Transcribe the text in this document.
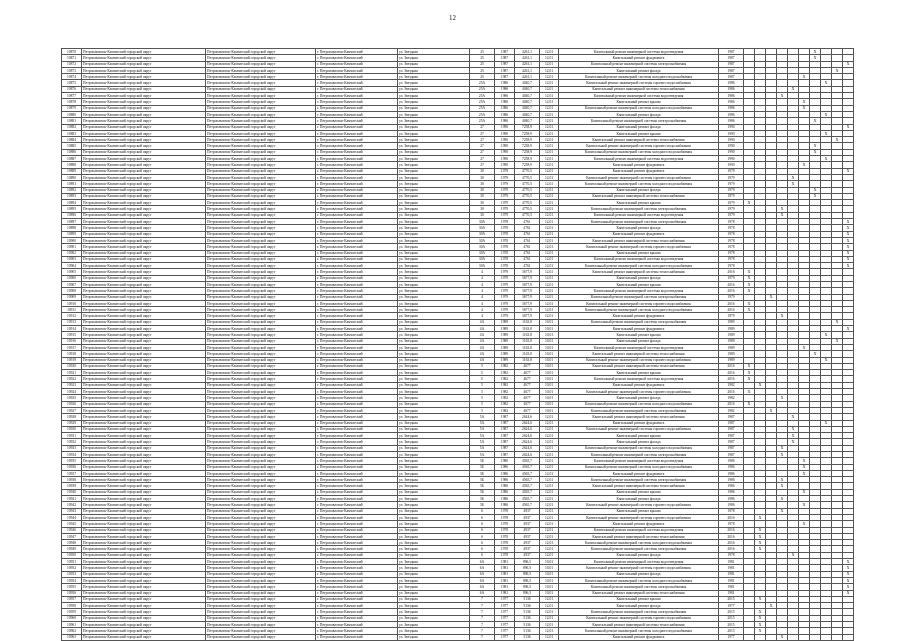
12
10870	Петропавловск-Камчатский городской округ	Петропавловск-Камчатский городской округ	г. Петропавловск-Камчатский	ул. Звездная	25	1987	4261,1	12,01	Капитальный ремонт инженерной системы водоотведения	1987							X			
10871	Петропавловск-Камчатский городской округ	Петропавловск-Камчатский городской округ	г. Петропавловск-Камчатский	ул. Звездная	25	1987	4261,1	12,01	Капитальный ремонт фундамента	1987							X			
10872	Петропавловск-Камчатский городской округ	Петропавловск-Камчатский городской округ	г. Петропавловск-Камчатский	ул. Звездная	25	1987	4261,1	12,01	Капитальный ремонт инженерной системы электроснабжения	1987										X
10873	Петропавловск-Камчатский городской округ	Петропавловск-Камчатский городской округ	г. Петропавловск-Камчатский	ул. Звездная	25	1987	4261,1	12,01	Капитальный ремонт фасада	1987									X	
10874	Петропавловск-Камчатский городской округ	Петропавловск-Камчатский городской округ	г. Петропавловск-Камчатский	ул. Звездная	25	1987	4261,1	12,01	Капитальный ремонт инженерной системы холодного водоснабжения	1987						X				
10875	Петропавловск-Камчатский городской округ	Петропавловск-Камчатский городской округ	г. Петропавловск-Камчатский	ул. Звездная	25А	1986	4040,7	12,01	Капитальный ремонт инженерной системы горячего водоснабжения	1986								X		
10876	Петропавловск-Камчатский городской округ	Петропавловск-Камчатский городской округ	г. Петропавловск-Камчатский	ул. Звездная	25А	1986	4040,7	12,01	Капитальный ремонт инженерной системы теплоснабжения	1986					X					
10877	Петропавловск-Камчатский городской округ	Петропавловск-Камчатский городской округ	г. Петропавловск-Камчатский	ул. Звездная	25А	1986	4040,7	12,01	Капитальный ремонт инженерной системы водоотведения	1986				X						
10878	Петропавловск-Камчатский городской округ	Петропавловск-Камчатский городской округ	г. Петропавловск-Камчатский	ул. Звездная	25А	1986	4040,7	12,01	Капитальный ремонт крыши	1986						X				
10879	Петропавловск-Камчатский городской округ	Петропавловск-Камчатский городской округ	г. Петропавловск-Камчатский	ул. Звездная	25А	1986	4040,7	12,01	Капитальный ремонт инженерной системы холодного водоснабжения	1986						X				
10880	Петропавловск-Камчатский городской округ	Петропавловск-Камчатский городской округ	г. Петропавловск-Камчатский	ул. Звездная	25А	1986	4040,7	12,01	Капитальный ремонт фасада	1986								X		
10881	Петропавловск-Камчатский городской округ	Петропавловск-Камчатский городской округ	г. Петропавловск-Камчатский	ул. Звездная	25А	1986	4040,7	12,01	Капитальный ремонт инженерной системы электроснабжения	1986							X			
10882	Петропавловск-Камчатский городской округ	Петропавловск-Камчатский городской округ	г. Петропавловск-Камчатский	ул. Звездная	27	1990	7258,9	12,01	Капитальный ремонт фасада	1990										X
10883	Петропавловск-Камчатский городской округ	Петропавловск-Камчатский городской округ	г. Петропавловск-Камчатский	ул. Звездная	27	1990	7258,9	12,01	Капитальный ремонт крыши	1990								X		
10884	Петропавловск-Камчатский городской округ	Петропавловск-Камчатский городской округ	г. Петропавловск-Камчатский	ул. Звездная	27	1990	7258,9	12,01	Капитальный ремонт инженерной системы теплоснабжения	1990									X	
10885	Петропавловск-Камчатский городской округ	Петропавловск-Камчатский городской округ	г. Петропавловск-Камчатский	ул. Звездная	27	1990	7258,9	12,01	Капитальный ремонт инженерной системы горячего водоснабжения	1990							X			
10886	Петропавловск-Камчатский городской округ	Петропавловск-Камчатский городской округ	г. Петропавловск-Камчатский	ул. Звездная	27	1990	7258,9	12,01	Капитальный ремонт инженерной системы холодного водоснабжения	1990							X			
10887	Петропавловск-Камчатский городской округ	Петропавловск-Камчатский городской округ	г. Петропавловск-Камчатский	ул. Звездная	27	1990	7258,9	12,01	Капитальный ремонт инженерной системы водоотведения	1990								X		
10888	Петропавловск-Камчатский городской округ	Петропавловск-Камчатский городской округ	г. Петропавловск-Камчатский	ул. Звездная	27	1990	7258,9	12,01	Капитальный ремонт фундамента	1990						X				
10889	Петропавловск-Камчатский городской округ	Петропавловск-Камчатский городской округ	г. Петропавловск-Камчатский	ул. Звездная	30	1979	4770,5	12,01	Капитальный ремонт фундамента	1979										X
10890	Петропавловск-Камчатский городской округ	Петропавловск-Камчатский городской округ	г. Петропавловск-Камчатский	ул. Звездная	30	1979	4770,5	12,01	Капитальный ремонт инженерной системы горячего водоснабжения	1979					X					
10891	Петропавловск-Камчатский городской округ	Петропавловск-Камчатский городской округ	г. Петропавловск-Камчатский	ул. Звездная	30	1979	4770,5	12,01	Капитальный ремонт инженерной системы холодного водоснабжения	1979					X					
10892	Петропавловск-Камчатский городской округ	Петропавловск-Камчатский городской округ	г. Петропавловск-Камчатский	ул. Звездная	30	1979	4770,5	12,01	Капитальный ремонт фасада	1979							X			
10893	Петропавловск-Камчатский городской округ	Петропавловск-Камчатский городской округ	г. Петропавловск-Камчатский	ул. Звездная	30	1979	4770,5	12,01	Капитальный ремонт инженерной системы теплоснабжения	1979							X			
10894	Петропавловск-Камчатский городской округ	Петропавловск-Камчатский городской округ	г. Петропавловск-Камчатский	ул. Звездная	30	1979	4770,5	12,01	Капитальный ремонт крыши	1979	X									
10895	Петропавловск-Камчатский городской округ	Петропавловск-Камчатский городской округ	г. Петропавловск-Камчатский	ул. Звездная	30	1979	4770,5	12,01	Капитальный ремонт инженерной системы электроснабжения	1979				X						
10896	Петропавловск-Камчатский городской округ	Петропавловск-Камчатский городской округ	г. Петропавловск-Камчатский	ул. Звездная	30	1979	4770,5	12,01	Капитальный ремонт инженерной системы водоотведения	1979				X						
10897	Петропавловск-Камчатский городской округ	Петропавловск-Камчатский городской округ	г. Петропавловск-Камчатский	ул. Звездная	30А	1978	4761	12,01	Капитальный ремонт инженерной системы электроснабжения	1978										X
10898	Петропавловск-Камчатский городской округ	Петропавловск-Камчатский городской округ	г. Петропавловск-Камчатский	ул. Звездная	30А	1978	4761	12,01	Капитальный ремонт фасада	1978										X
10899	Петропавловск-Камчатский городской округ	Петропавловск-Камчатский городской округ	г. Петропавловск-Камчатский	ул. Звездная	30А	1978	4761	12,01	Капитальный ремонт фундамента	1978										X
10900	Петропавловск-Камчатский городской округ	Петропавловск-Камчатский городской округ	г. Петропавловск-Камчатский	ул. Звездная	30А	1978	4761	12,01	Капитальный ремонт инженерной системы теплоснабжения	1978										X
10901	Петропавловск-Камчатский городской округ	Петропавловск-Камчатский городской округ	г. Петропавловск-Камчатский	ул. Звездная	30А	1978	4761	12,01	Капитальный ремонт инженерной системы горячего водоснабжения	1978										X
10902	Петропавловск-Камчатский городской округ	Петропавловск-Камчатский городской округ	г. Петропавловск-Камчатский	ул. Звездная	30А	1978	4761	12,01	Капитальный ремонт крыши	1978										X
10903	Петропавловск-Камчатский городской округ	Петропавловск-Камчатский городской округ	г. Петропавловск-Камчатский	ул. Звездная	30А	1978	4761	12,01	Капитальный ремонт инженерной системы водоотведения	1978										X
10904	Петропавловск-Камчатский городской округ	Петропавловск-Камчатский городской округ	г. Петропавловск-Камчатский	ул. Звездная	30А	1978	4761	12,01	Капитальный ремонт инженерной системы холодного водоснабжения	1978										X
10905	Петропавловск-Камчатский городской округ	Петропавловск-Камчатский городской округ	г. Петропавловск-Камчатский	ул. Звездная	4	1979	3677,9	12,01	Капитальный ремонт инженерной системы теплоснабжения	2016	X									
10906	Петропавловск-Камчатский городской округ	Петропавловск-Камчатский городской округ	г. Петропавловск-Камчатский	ул. Звездная	4	1979	3677,9	12,01	Капитальный ремонт фасада	1979	X									
10907	Петропавловск-Камчатский городской округ	Петропавловск-Камчатский городской округ	г. Петропавловск-Камчатский	ул. Звездная	4	1979	3677,9	12,01	Капитальный ремонт крыши	2016	X									
10908	Петропавловск-Камчатский городской округ	Петропавловск-Камчатский городской округ	г. Петропавловск-Камчатский	ул. Звездная	4	1979	3677,9	12,01	Капитальный ремонт инженерной системы водоотведения	2016	X									
10909	Петропавловск-Камчатский городской округ	Петропавловск-Камчатский городской округ	г. Петропавловск-Камчатский	ул. Звездная	4	1979	3677,9	12,01	Капитальный ремонт инженерной системы электроснабжения	1979			X							
10910	Петропавловск-Камчатский городской округ	Петропавловск-Камчатский городской округ	г. Петропавловск-Камчатский	ул. Звездная	4	1979	3677,9	12,01	Капитальный ремонт инженерной системы горячего водоснабжения	2016	X									
10911	Петропавловск-Камчатский городской округ	Петропавловск-Камчатский городской округ	г. Петропавловск-Камчатский	ул. Звездная	4	1979	3677,9	12,01	Капитальный ремонт инженерной системы холодного водоснабжения	2016	X									
10912	Петропавловск-Камчатский городской округ	Петропавловск-Камчатский городской округ	г. Петропавловск-Камчатский	ул. Звездная	4	1979	3677,9	12,01	Капитальный ремонт фундамента	1979				X						
10913	Петропавловск-Камчатский городской округ	Петропавловск-Камчатский городской округ	г. Петропавловск-Камчатский	ул. Звездная	4А	1989	1163,8	10,01	Капитальный ремонт инженерной системы электроснабжения	1989									X	
10914	Петропавловск-Камчатский городской округ	Петропавловск-Камчатский городской округ	г. Петропавловск-Камчатский	ул. Звездная	4А	1989	1163,8	10,01	Капитальный ремонт фундамента	1989										X
10915	Петропавловск-Камчатский городской округ	Петропавловск-Камчатский городской округ	г. Петропавловск-Камчатский	ул. Звездная	4А	1989	1163,8	10,01	Капитальный ремонт крыши	1989								X		
10916	Петропавловск-Камчатский городской округ	Петропавловск-Камчатский городской округ	г. Петропавловск-Камчатский	ул. Звездная	4А	1989	1163,8	10,01	Капитальный ремонт фасада	1989									X	
10917	Петропавловск-Камчатский городской округ	Петропавловск-Камчатский городской округ	г. Петропавловск-Камчатский	ул. Звездная	4А	1989	1163,8	10,01	Капитальный ремонт инженерной системы водоотведения	1989						X				
10918	Петропавловск-Камчатский городской округ	Петропавловск-Камчатский городской округ	г. Петропавловск-Камчатский	ул. Звездная	4А	1989	1163,8	10,01	Капитальный ремонт инженерной системы теплоснабжения	1989							X			
10919	Петропавловск-Камчатский городской округ	Петропавловск-Камчатский городской округ	г. Петропавловск-Камчатский	ул. Звездная	4А	1989	1163,8	10,01	Капитальный ремонт инженерной системы горячего водоснабжения	1989								X		
10920	Петропавловск-Камчатский городской округ	Петропавловск-Камчатский городской округ	г. Петропавловск-Камчатский	ул. Звездная	5	1982	4677	10,01	Капитальный ремонт инженерной системы теплоснабжения	2016	X									
10921	Петропавловск-Камчатский городской округ	Петропавловск-Камчатский городской округ	г. Петропавловск-Камчатский	ул. Звездная	5	1982	4677	10,01	Капитальный ремонт крыши	2016	X									
10922	Петропавловск-Камчатский городской округ	Петропавловск-Камчатский городской округ	г. Петропавловск-Камчатский	ул. Звездная	5	1982	4677	10,01	Капитальный ремонт инженерной системы водоотведения	2016	X									
10923	Петропавловск-Камчатский городской округ	Петропавловск-Камчатский городской округ	г. Петропавловск-Камчатский	ул. Звездная	5	1982	4677	10,01	Капитальный ремонт фундамента	1982		X								
10924	Петропавловск-Камчатский городской округ	Петропавловск-Камчатский городской округ	г. Петропавловск-Камчатский	ул. Звездная	5	1982	4677	10,01	Капитальный ремонт инженерной системы горячего водоснабжения	2016	X									
10925	Петропавловск-Камчатский городской округ	Петропавловск-Камчатский городской округ	г. Петропавловск-Камчатский	ул. Звездная	5	1982	4677	10,01	Капитальный ремонт фасада	1982				X						
10926	Петропавловск-Камчатский городской округ	Петропавловск-Камчатский городской округ	г. Петропавловск-Камчатский	ул. Звездная	5	1982	4677	10,01	Капитальный ремонт инженерной системы холодного водоснабжения	2016	X									
10927	Петропавловск-Камчатский городской округ	Петропавловск-Камчатский городской округ	г. Петропавловск-Камчатский	ул. Звездная	5	1982	4677	10,01	Капитальный ремонт инженерной системы электроснабжения	1982			X							
10928	Петропавловск-Камчатский городской округ	Петропавловск-Камчатский городской округ	г. Петропавловск-Камчатский	ул. Звездная	5А	1987	2624,6	12,01	Капитальный ремонт инженерной системы теплоснабжения	1987					X					
10929	Петропавловск-Камчатский городской округ	Петропавловск-Камчатский городской округ	г. Петропавловск-Камчатский	ул. Звездная	5А	1987	2624,6	12,01	Капитальный ремонт фундамента	1987								X		
10930	Петропавловск-Камчатский городской округ	Петропавловск-Камчатский городской округ	г. Петропавловск-Камчатский	ул. Звездная	5А	1987	2624,6	12,01	Капитальный ремонт инженерной системы горячего водоснабжения	1987					X					
10931	Петропавловск-Камчатский городской округ	Петропавловск-Камчатский городской округ	г. Петропавловск-Камчатский	ул. Звездная	5А	1987	2624,6	12,01	Капитальный ремонт крыши	1987					X					
10932	Петропавловск-Камчатский городской округ	Петропавловск-Камчатский городской округ	г. Петропавловск-Камчатский	ул. Звездная	5А	1987	2624,6	12,01	Капитальный ремонт фасада	1987					X					
10933	Петропавловск-Камчатский городской округ	Петропавловск-Камчатский городской округ	г. Петропавловск-Камчатский	ул. Звездная	5А	1987	2624,6	12,01	Капитальный ремонт инженерной системы холодного водоснабжения	1987				X						
10934	Петропавловск-Камчатский городской округ	Петропавловск-Камчатский городской округ	г. Петропавловск-Камчатский	ул. Звездная	5А	1987	2624,6	12,01	Капитальный ремонт инженерной системы электроснабжения	1987				X						
10935	Петропавловск-Камчатский городской округ	Петропавловск-Камчатский городской округ	г. Петропавловск-Камчатский	ул. Звездная	5Б	1986	4565,7	12,01	Капитальный ремонт инженерной системы водоотведения	1986						X				
10936	Петропавловск-Камчатский городской округ	Петропавловск-Камчатский городской округ	г. Петропавловск-Камчатский	ул. Звездная	5Б	1986	4565,7	12,01	Капитальный ремонт инженерной системы холодного водоснабжения	1986						X				
10937	Петропавловск-Камчатский городской округ	Петропавловск-Камчатский городской округ	г. Петропавловск-Камчатский	ул. Звездная	5Б	1986	4565,7	12,01	Капитальный ремонт фундамента	1986						X				
10938	Петропавловск-Камчатский городской округ	Петропавловск-Камчатский городской округ	г. Петропавловск-Камчатский	ул. Звездная	5Б	1986	4565,7	12,01	Капитальный ремонт инженерной системы электроснабжения	1986				X						
10939	Петропавловск-Камчатский городской округ	Петропавловск-Камчатский городской округ	г. Петропавловск-Камчатский	ул. Звездная	5Б	1986	4565,7	12,01	Капитальный ремонт инженерной системы теплоснабжения	1986				X						
10940	Петропавловск-Камчатский городской округ	Петропавловск-Камчатский городской округ	г. Петропавловск-Камчатский	ул. Звездная	5Б	1986	4565,7	12,01	Капитальный ремонт крыши	1986						X				
10941	Петропавловск-Камчатский городской округ	Петропавловск-Камчатский городской округ	г. Петропавловск-Камчатский	ул. Звездная	5Б	1986	4565,7	12,01	Капитальный ремонт фасада	1986				X						
10942	Петропавловск-Камчатский городской округ	Петропавловск-Камчатский городской округ	г. Петропавловск-Камчатский	ул. Звездная	5Б	1986	4565,7	12,01	Капитальный ремонт инженерной системы горячего водоснабжения	1986						X				
10943	Петропавловск-Камчатский городской округ	Петропавловск-Камчатский городской округ	г. Петропавловск-Камчатский	ул. Звездная	6	1978	4937	12,01	Капитальный ремонт крыши	1978				X						
10944	Петропавловск-Камчатский городской округ	Петропавловск-Камчатский городской округ	г. Петропавловск-Камчатский	ул. Звездная	6	1978	4937	12,01	Капитальный ремонт инженерной системы горячего водоснабжения	2016		X								
10945	Петропавловск-Камчатский городской округ	Петропавловск-Камчатский городской округ	г. Петропавловск-Камчатский	ул. Звездная	6	1978	4937	12,01	Капитальный ремонт фундамента	1978						X				
10946	Петропавловск-Камчатский городской округ	Петропавловск-Камчатский городской округ	г. Петропавловск-Камчатский	ул. Звездная	6	1978	4937	12,01	Капитальный ремонт инженерной системы водоотведения	2016		X								
10947	Петропавловск-Камчатский городской округ	Петропавловск-Камчатский городской округ	г. Петропавловск-Камчатский	ул. Звездная	6	1978	4937	12,01	Капитальный ремонт инженерной системы теплоснабжения	2016		X								
10948	Петропавловск-Камчатский городской округ	Петропавловск-Камчатский городской округ	г. Петропавловск-Камчатский	ул. Звездная	6	1978	4937	12,01	Капитальный ремонт инженерной системы холодного водоснабжения	2016		X								
10949	Петропавловск-Камчатский городской округ	Петропавловск-Камчатский городской округ	г. Петропавловск-Камчатский	ул. Звездная	6	1978	4937	12,01	Капитальный ремонт инженерной системы электроснабжения	2016		X								
10950	Петропавловск-Камчатский городской округ	Петропавловск-Камчатский городской округ	г. Петропавловск-Камчатский	ул. Звездная	6	1978	4937	12,01	Капитальный ремонт фасада	1978					X					
10951	Петропавловск-Камчатский городской округ	Петропавловск-Камчатский городской округ	г. Петропавловск-Камчатский	ул. Звездная	6А	1981	896,5	10,01	Капитальный ремонт инженерной системы водоотведения	1981										X
10952	Петропавловск-Камчатский городской округ	Петропавловск-Камчатский городской округ	г. Петропавловск-Камчатский	ул. Звездная	6А	1981	896,5	10,01	Капитальный ремонт инженерной системы горячего водоснабжения	1981										X
10953	Петропавловск-Камчатский городской округ	Петропавловск-Камчатский городской округ	г. Петропавловск-Камчатский	ул. Звездная	6А	1981	896,5	10,01	Капитальный ремонт фасада	1981										X
10954	Петропавловск-Камчатский городской округ	Петропавловск-Камчатский городской округ	г. Петропавловск-Камчатский	ул. Звездная	6А	1981	896,5	10,01	Капитальный ремонт инженерной системы холодного водоснабжения	1981										X
10955	Петропавловск-Камчатский городской округ	Петропавловск-Камчатский городской округ	г. Петропавловск-Камчатский	ул. Звездная	6А	1981	896,5	10,01	Капитальный ремонт инженерной системы электроснабжения	1981										X
10956	Петропавловск-Камчатский городской округ	Петропавловск-Камчатский городской округ	г. Петропавловск-Камчатский	ул. Звездная	6А	1981	896,5	10,01	Капитальный ремонт инженерной системы теплоснабжения	1981										X
10957	Петропавловск-Камчатский городской округ	Петропавловск-Камчатский городской округ	г. Петропавловск-Камчатский	ул. Звездная	7	1977	5136	12,01	Капитальный ремонт крыши	2015		X								
10958	Петропавловск-Камчатский городской округ	Петропавловск-Камчатский городской округ	г. Петропавловск-Камчатский	ул. Звездная	7	1977	5136	12,01	Капитальный ремонт фасада	1977			X							
10959	Петропавловск-Камчатский городской округ	Петропавловск-Камчатский городской округ	г. Петропавловск-Камчатский	ул. Звездная	7	1977	5136	12,01	Капитальный ремонт инженерной системы электроснабжения	2015		X								
10960	Петропавловск-Камчатский городской округ	Петропавловск-Камчатский городской округ	г. Петропавловск-Камчатский	ул. Звездная	7	1977	5136	12,01	Капитальный ремонт инженерной системы горячего водоснабжения	2015		X								
10961	Петропавловск-Камчатский городской округ	Петропавловск-Камчатский городской округ	г. Петропавловск-Камчатский	ул. Звездная	7	1977	5136	12,01	Капитальный ремонт инженерной системы теплоснабжения	2015		X								
10962	Петропавловск-Камчатский городской округ	Петропавловск-Камчатский городской округ	г. Петропавловск-Камчатский	ул. Звездная	7	1977	5136	12,01	Капитальный ремонт инженерной системы холодного водоснабжения	2015		X								
10963	Петропавловск-Камчатский городской округ	Петропавловск-Камчатский городской округ	г. Петропавловск-Камчатский	ул. Звездная	7	1977	5136	12,01	Капитальный ремонт фундамента	1977				X						
